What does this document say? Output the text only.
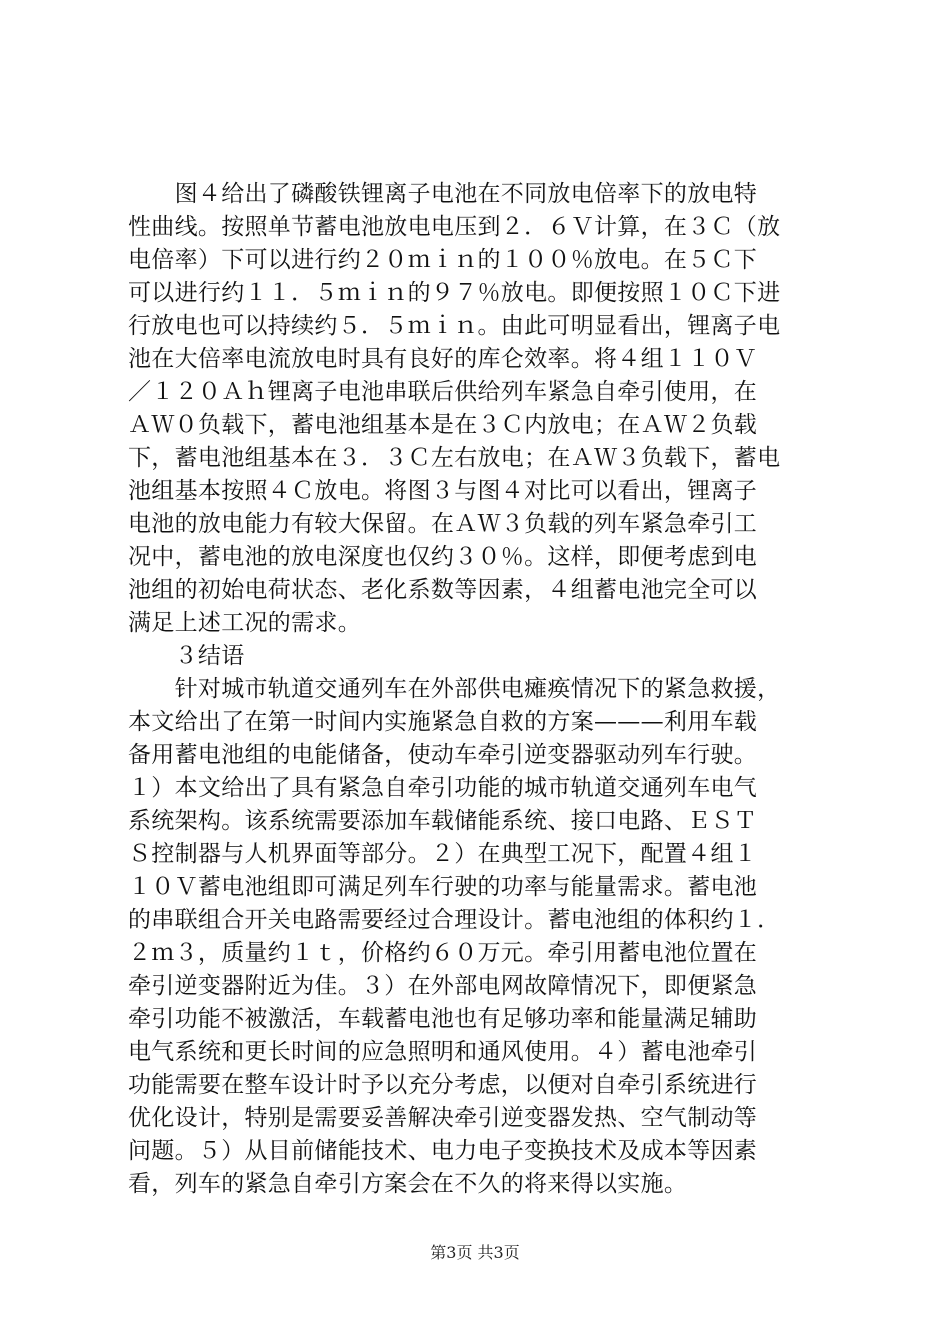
　　图４给出了磷酸铁锂离子电池在不同放电倍率下的放电特
性曲线。按照单节蓄电池放电电压到２．６Ｖ计算，在３Ｃ（放
电倍率）下可以进行约２０ｍｉｎ的１００％放电。在５Ｃ下
可以进行约１１．５ｍｉｎ的９７％放电。即便按照１０Ｃ下进
行放电也可以持续约５．５ｍｉｎ。由此可明显看出，锂离子电
池在大倍率电流放电时具有良好的库仑效率。将４组１１０Ｖ
／１２０Ａｈ锂离子电池串联后供给列车紧急自牵引使用，在
ＡＷ０负载下，蓄电池组基本是在３Ｃ内放电；在ＡＷ２负载
下，蓄电池组基本在３．３Ｃ左右放电；在ＡＷ３负载下，蓄电
池组基本按照４Ｃ放电。将图３与图４对比可以看出，锂离子
电池的放电能力有较大保留。在ＡＷ３负载的列车紧急牵引工
况中，蓄电池的放电深度也仅约３０％。这样，即便考虑到电
池组的初始电荷状态、老化系数等因素，４组蓄电池完全可以
满足上述工况的需求。
　　３结语
　　针对城市轨道交通列车在外部供电瘫痪情况下的紧急救援，
本文给出了在第一时间内实施紧急自救的方案———利用车载
备用蓄电池组的电能储备，使动车牵引逆变器驱动列车行驶。
１）本文给出了具有紧急自牵引功能的城市轨道交通列车电气
系统架构。该系统需要添加车载储能系统、接口电路、ＥＳＴ
Ｓ控制器与人机界面等部分。２）在典型工况下，配置４组１
１０Ｖ蓄电池组即可满足列车行驶的功率与能量需求。蓄电池
的串联组合开关电路需要经过合理设计。蓄电池组的体积约１．
２ｍ３，质量约１ｔ，价格约６０万元。牵引用蓄电池位置在
牵引逆变器附近为佳。３）在外部电网故障情况下，即便紧急
牵引功能不被激活，车载蓄电池也有足够功率和能量满足辅助
电气系统和更长时间的应急照明和通风使用。４）蓄电池牵引
功能需要在整车设计时予以充分考虑，以便对自牵引系统进行
优化设计，特别是需要妥善解决牵引逆变器发热、空气制动等
问题。５）从目前储能技术、电力电子变换技术及成本等因素
看，列车的紧急自牵引方案会在不久的将来得以实施。
第3页 共3页
